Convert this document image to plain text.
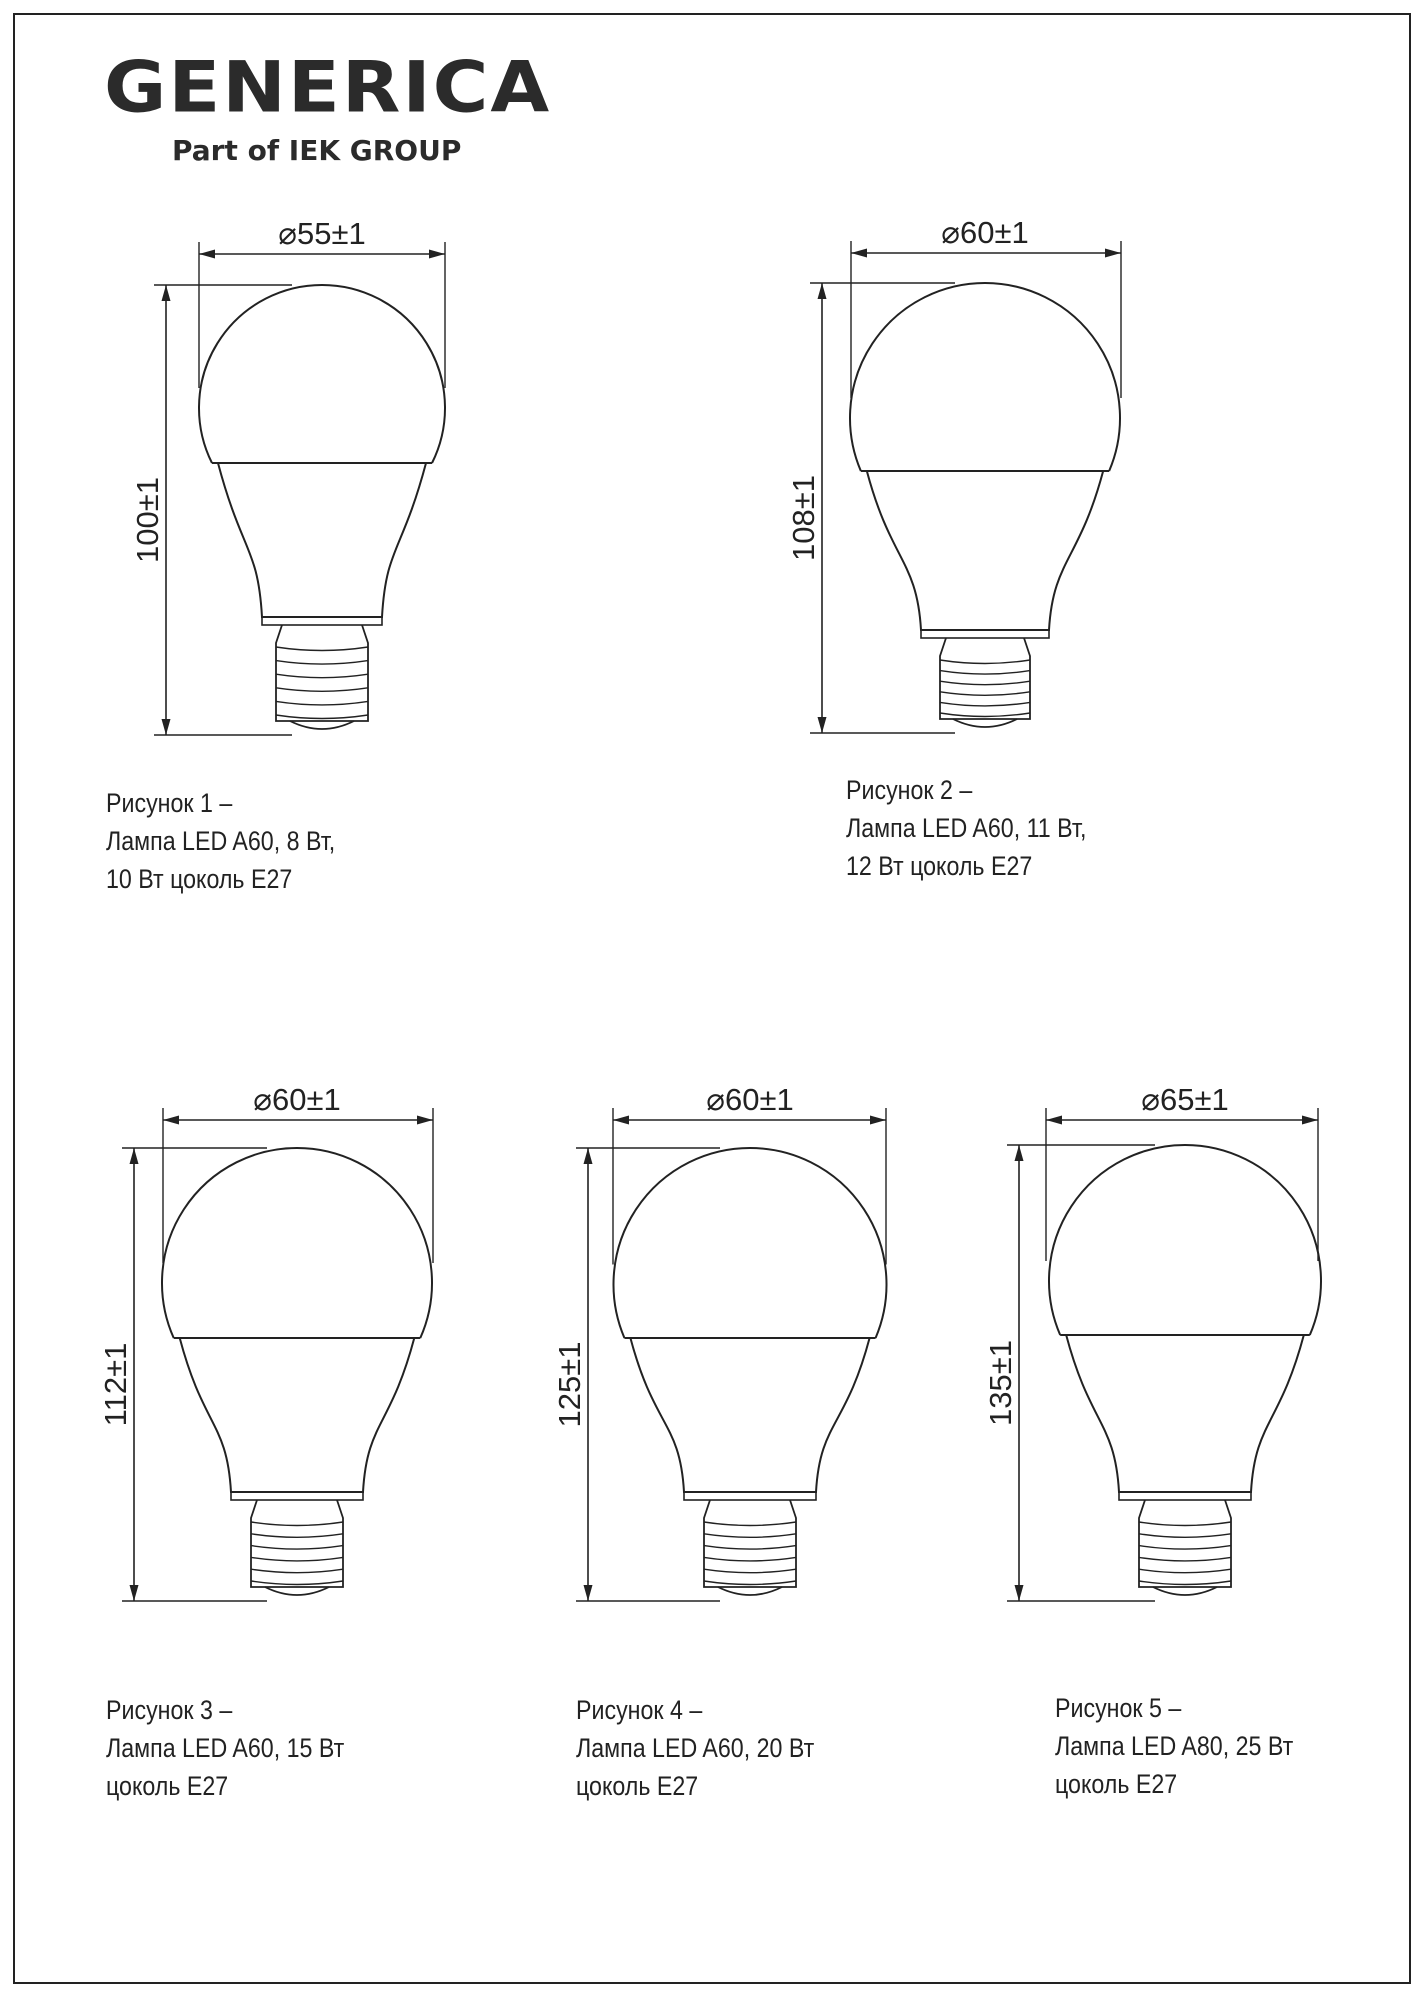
GENERICA
Part of IEK GROUP
⌀55±1
100±1
⌀60±1
108±1
⌀60±1
112±1
⌀60±1
125±1
⌀65±1
135±1
Рисунок 1 –
Лампа LED A60, 8 Вт,
10 Вт цоколь E27
Рисунок 2 –
Лампа LED A60, 11 Вт,
12 Вт цоколь E27
Рисунок 3 –
Лампа LED A60, 15 Вт
цоколь E27
Рисунок 4 –
Лампа LED A60, 20 Вт
цоколь E27
Рисунок 5 –
Лампа LED A80, 25 Вт
цоколь E27
